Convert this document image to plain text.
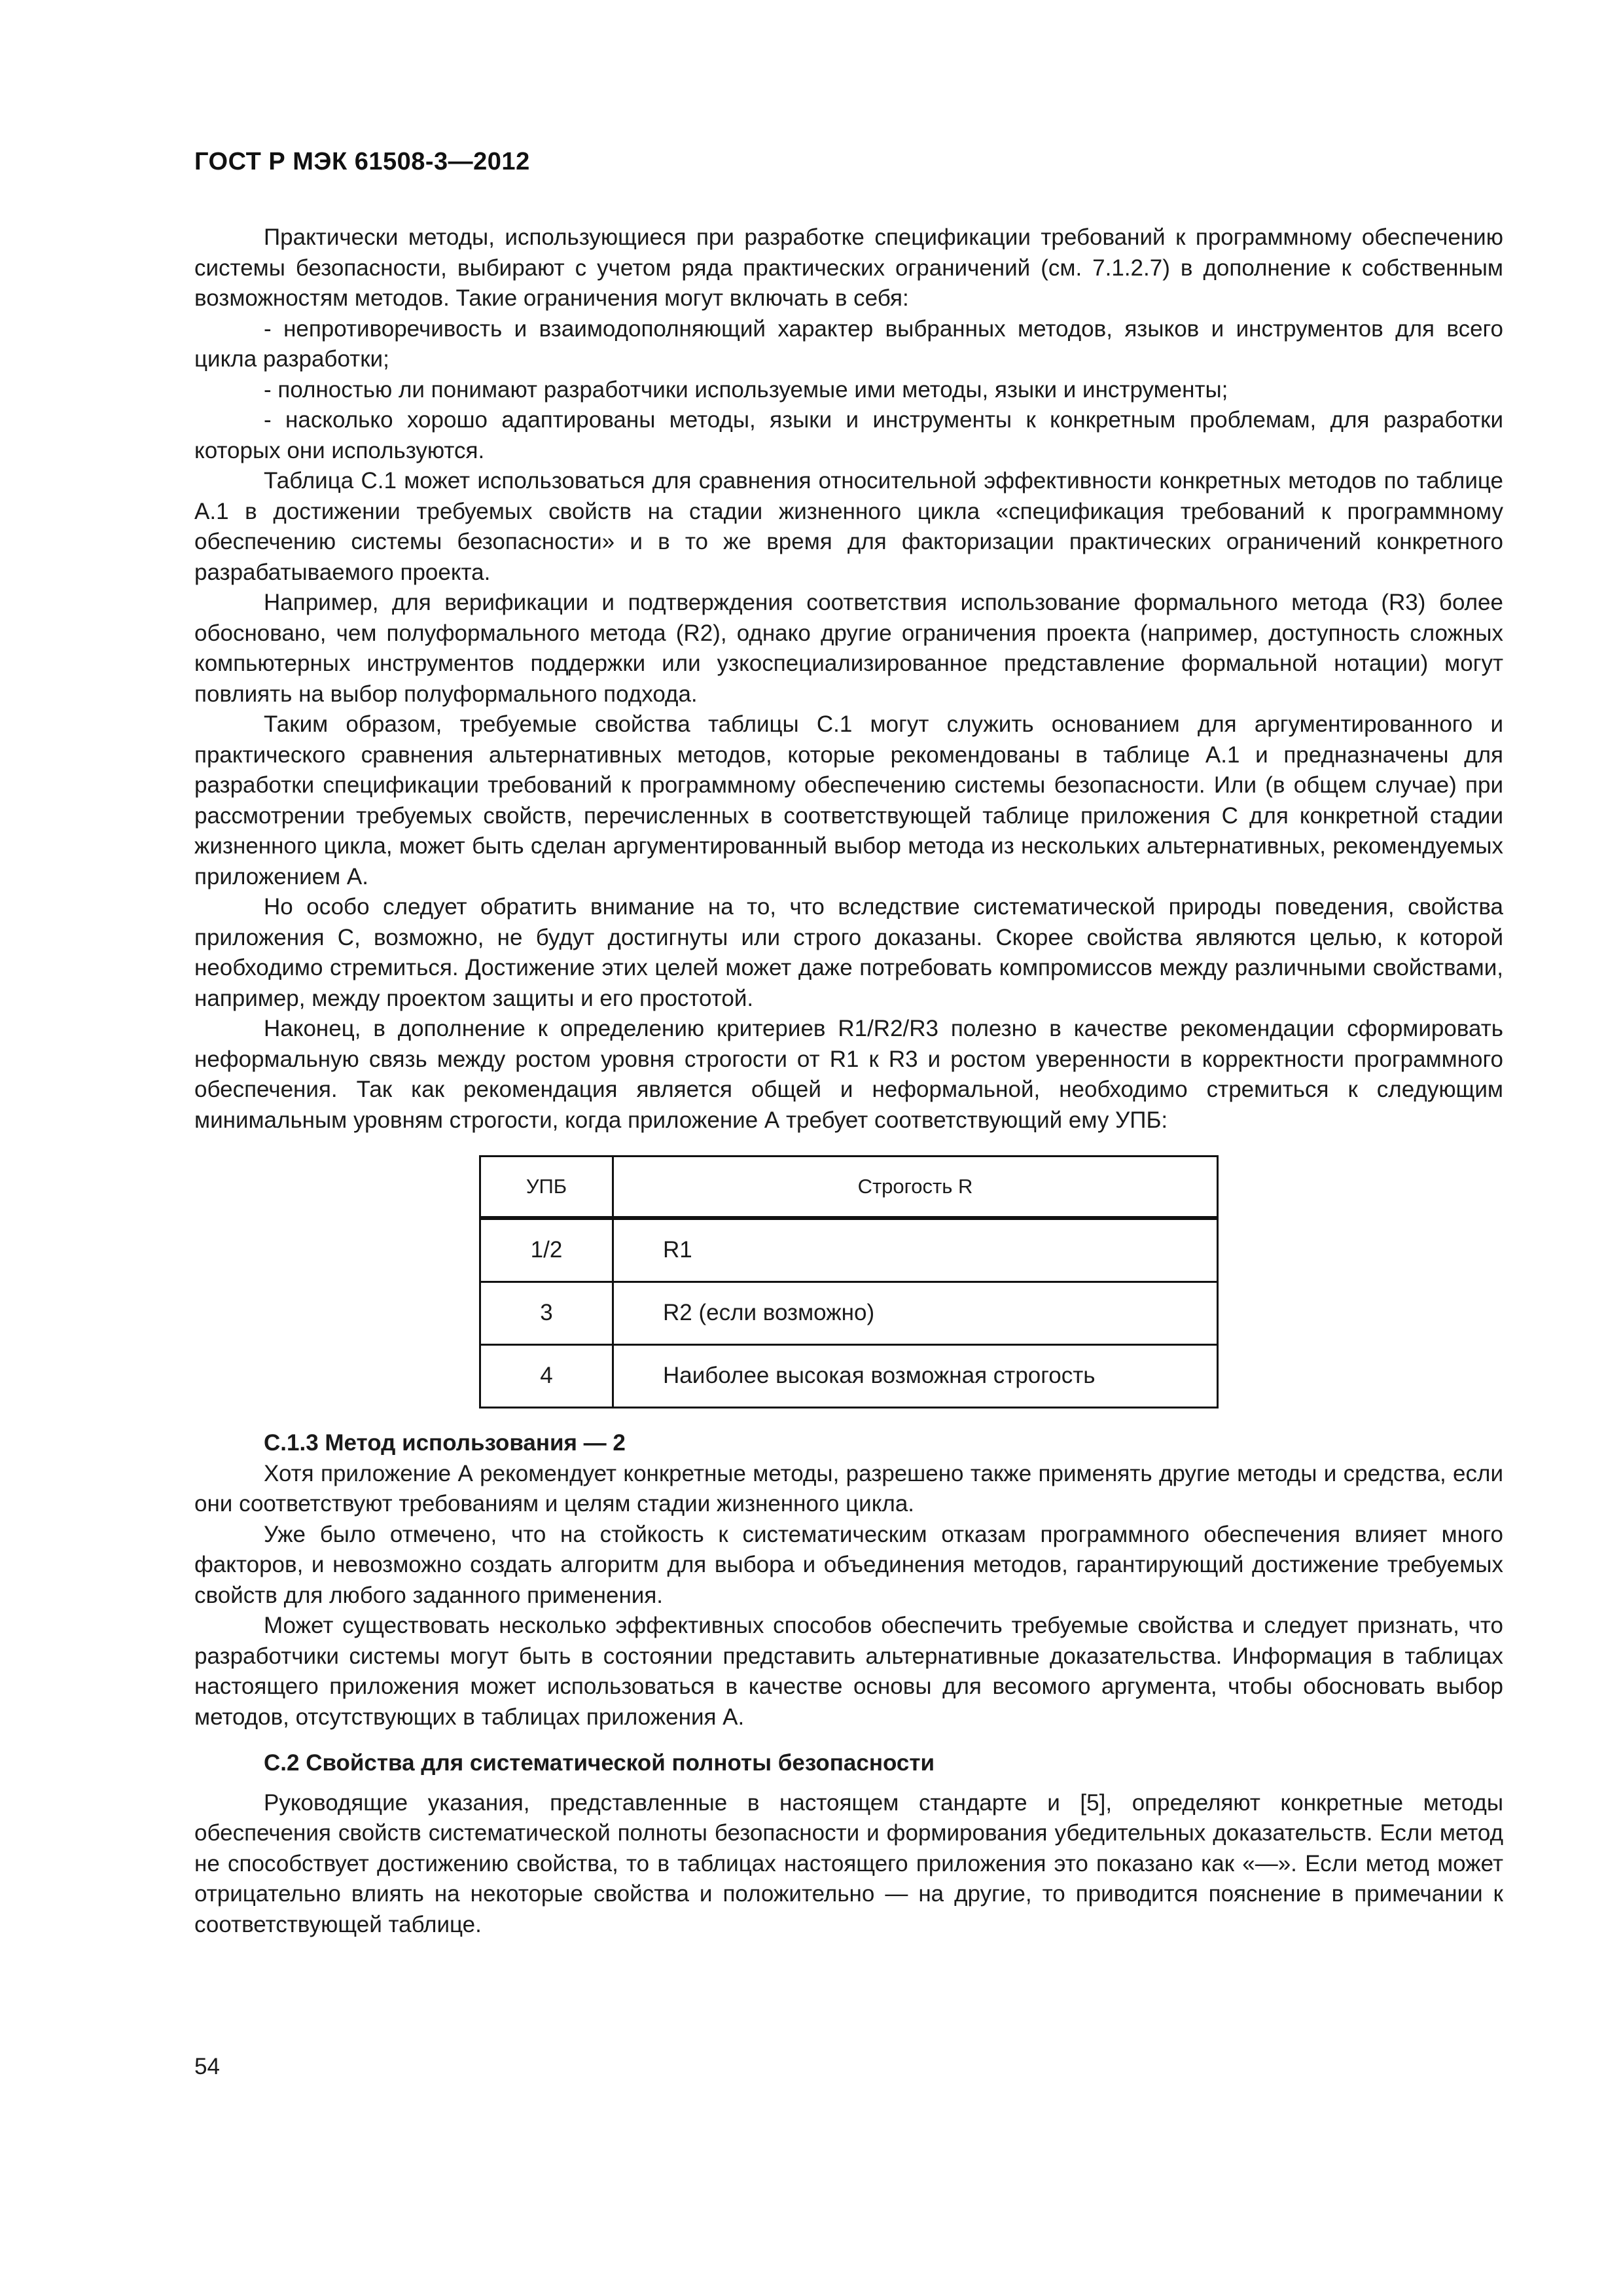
ГОСТ Р МЭК 61508-3—2012

Практически методы, использующиеся при разработке спецификации требований к программному обеспечению системы безопасности, выбирают с учетом ряда практических ограничений (см. 7.1.2.7) в дополнение к собственным возможностям методов. Такие ограничения могут включать в себя:

- непротиворечивость и взаимодополняющий характер выбранных методов, языков и инструментов для всего цикла разработки;

- полностью ли понимают разработчики используемые ими методы, языки и инструменты;

- насколько хорошо адаптированы методы, языки и инструменты к конкретным проблемам, для разработки которых они используются.

Таблица С.1 может использоваться для сравнения относительной эффективности конкретных методов по таблице А.1 в достижении требуемых свойств на стадии жизненного цикла «спецификация требований к программному обеспечению системы безопасности» и в то же время для факторизации практических ограничений конкретного разрабатываемого проекта.

Например, для верификации и подтверждения соответствия использование формального метода (R3) более обосновано, чем полуформального метода (R2), однако другие ограничения проекта (например, доступность сложных компьютерных инструментов поддержки или узкоспециализированное представление формальной нотации) могут повлиять на выбор полуформального подхода.

Таким образом, требуемые свойства таблицы С.1 могут служить основанием для аргументированного и практического сравнения альтернативных методов, которые рекомендованы в таблице А.1 и предназначены для разработки спецификации требований к программному обеспечению системы безопасности. Или (в общем случае) при рассмотрении требуемых свойств, перечисленных в соответствующей таблице приложения С для конкретной стадии жизненного цикла, может быть сделан аргументированный выбор метода из нескольких альтернативных, рекомендуемых приложением А.

Но особо следует обратить внимание на то, что вследствие систематической природы поведения, свойства приложения С, возможно, не будут достигнуты или строго доказаны. Скорее свойства являются целью, к которой необходимо стремиться. Достижение этих целей может даже потребовать компромиссов между различными свойствами, например, между проектом защиты и его простотой.

Наконец, в дополнение к определению критериев R1/R2/R3 полезно в качестве рекомендации сформировать неформальную связь между ростом уровня строгости от R1 к R3 и ростом уверенности в корректности программного обеспечения. Так как рекомендация является общей и неформальной, необходимо стремиться к следующим минимальным уровням строгости, когда приложение А требует соответствующий ему УПБ:

УПБ	Строгость R
1/2	R1
3	R2 (если возможно)
4	Наиболее высокая возможная строгость

С.1.3 Метод использования — 2

Хотя приложение А рекомендует конкретные методы, разрешено также применять другие методы и средства, если они соответствуют требованиям и целям стадии жизненного цикла.

Уже было отмечено, что на стойкость к систематическим отказам программного обеспечения влияет много факторов, и невозможно создать алгоритм для выбора и объединения методов, гарантирующий достижение требуемых свойств для любого заданного применения.

Может существовать несколько эффективных способов обеспечить требуемые свойства и следует признать, что разработчики системы могут быть в состоянии представить альтернативные доказательства. Информация в таблицах настоящего приложения может использоваться в качестве основы для весомого аргумента, чтобы обосновать выбор методов, отсутствующих в таблицах приложения А.

С.2 Свойства для систематической полноты безопасности

Руководящие указания, представленные в настоящем стандарте и [5], определяют конкретные методы обеспечения свойств систематической полноты безопасности и формирования убедительных доказательств. Если метод не способствует достижению свойства, то в таблицах настоящего приложения это показано как «—». Если метод может отрицательно влиять на некоторые свойства и положительно — на другие, то приводится пояснение в примечании к соответствующей таблице.

54
